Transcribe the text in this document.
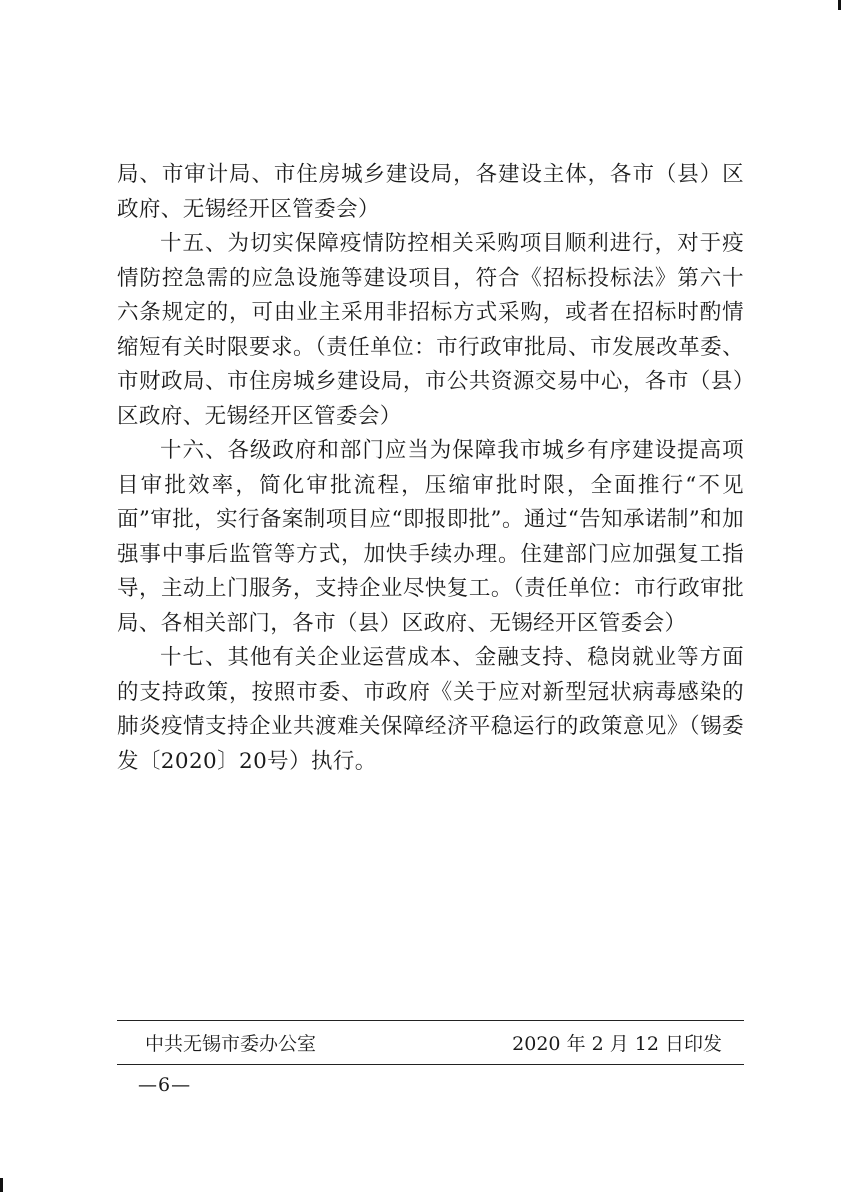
局、市审计局、市住房城乡建设局，各建设主体，各市（县）区政府、无锡经开区管委会）

十五、为切实保障疫情防控相关采购项目顺利进行，对于疫情防控急需的应急设施等建设项目，符合《招标投标法》第六十六条规定的，可由业主采用非招标方式采购，或者在招标时酌情缩短有关时限要求。（责任单位：市行政审批局、市发展改革委、市财政局、市住房城乡建设局，市公共资源交易中心，各市（县）区政府、无锡经开区管委会）

十六、各级政府和部门应当为保障我市城乡有序建设提高项目审批效率，简化审批流程，压缩审批时限，全面推行“不见面”审批，实行备案制项目应“即报即批”。通过“告知承诺制”和加强事中事后监管等方式，加快手续办理。住建部门应加强复工指导，主动上门服务，支持企业尽快复工。（责任单位：市行政审批局、各相关部门，各市（县）区政府、无锡经开区管委会）

十七、其他有关企业运营成本、金融支持、稳岗就业等方面的支持政策，按照市委、市政府《关于应对新型冠状病毒感染的肺炎疫情支持企业共渡难关保障经济平稳运行的政策意见》（锡委发〔2020〕20号）执行。

中共无锡市委办公室	2020 年 2 月 12 日印发
—6—
